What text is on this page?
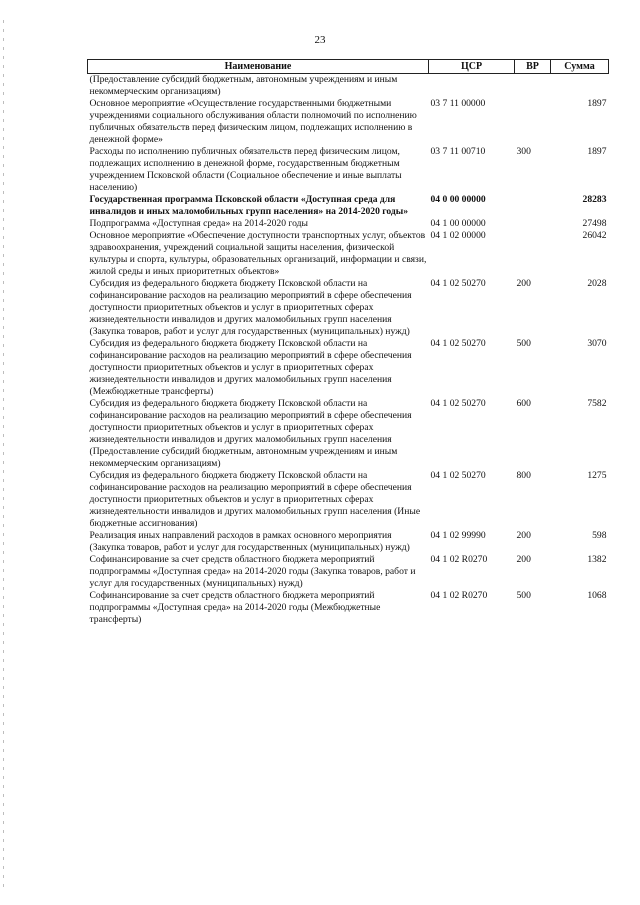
23
Наименование	ЦСР	ВР	Сумма
(Предоставление субсидий бюджетным, автономным учреждениям и иным некоммерческим организациям)			
Основное мероприятие «Осуществление государственными бюджетными учреждениями социального обслуживания области полномочий по исполнению публичных обязательств перед физическим лицом, подлежащих исполнению в денежной форме»	03 7 11 00000		1897
Расходы по исполнению публичных обязательств перед физическим лицом, подлежащих исполнению в денежной форме, государственным бюджетным учреждением Псковской области (Социальное обеспечение и иные выплаты населению)	03 7 11 00710	300	1897
Государственная программа Псковской области «Доступная среда для инвалидов и иных маломобильных групп населения» на 2014-2020 годы»	04 0 00 00000		28283
Подпрограмма «Доступная среда» на 2014-2020 годы	04 1 00 00000		27498
Основное мероприятие «Обеспечение доступности транспортных услуг, объектов здравоохранения, учреждений социальной защиты населения, физической культуры и спорта, культуры, образовательных организаций, информации и связи, жилой среды и иных приоритетных объектов»	04 1 02 00000		26042
Субсидия из федерального бюджета бюджету Псковской области на софинансирование расходов на реализацию мероприятий в сфере обеспечения доступности приоритетных объектов и услуг в приоритетных сферах жизнедеятельности инвалидов и других маломобильных групп населения (Закупка товаров, работ и услуг для государственных (муниципальных) нужд)	04 1 02 50270	200	2028
Субсидия из федерального бюджета бюджету Псковской области на софинансирование расходов на реализацию мероприятий в сфере обеспечения доступности приоритетных объектов и услуг в приоритетных сферах жизнедеятельности инвалидов и других маломобильных групп населения (Межбюджетные трансферты)	04 1 02 50270	500	3070
Субсидия из федерального бюджета бюджету Псковской области на софинансирование расходов на реализацию мероприятий в сфере обеспечения доступности приоритетных объектов и услуг в приоритетных сферах жизнедеятельности инвалидов и других маломобильных групп населения (Предоставление субсидий бюджетным, автономным учреждениям и иным некоммерческим организациям)	04 1 02 50270	600	7582
Субсидия из федерального бюджета бюджету Псковской области на софинансирование расходов на реализацию мероприятий в сфере обеспечения доступности приоритетных объектов и услуг в приоритетных сферах жизнедеятельности инвалидов и других маломобильных групп населения (Иные бюджетные ассигнования)	04 1 02 50270	800	1275
Реализация иных направлений расходов в рамках основного мероприятия (Закупка товаров, работ и услуг для государственных (муниципальных) нужд)	04 1 02 99990	200	598
Софинансирование за счет средств областного бюджета мероприятий подпрограммы «Доступная среда» на 2014-2020 годы (Закупка товаров, работ и услуг для государственных (муниципальных) нужд)	04 1 02 R0270	200	1382
Софинансирование за счет средств областного бюджета мероприятий подпрограммы «Доступная среда» на 2014-2020 годы (Межбюджетные трансферты)	04 1 02 R0270	500	1068
